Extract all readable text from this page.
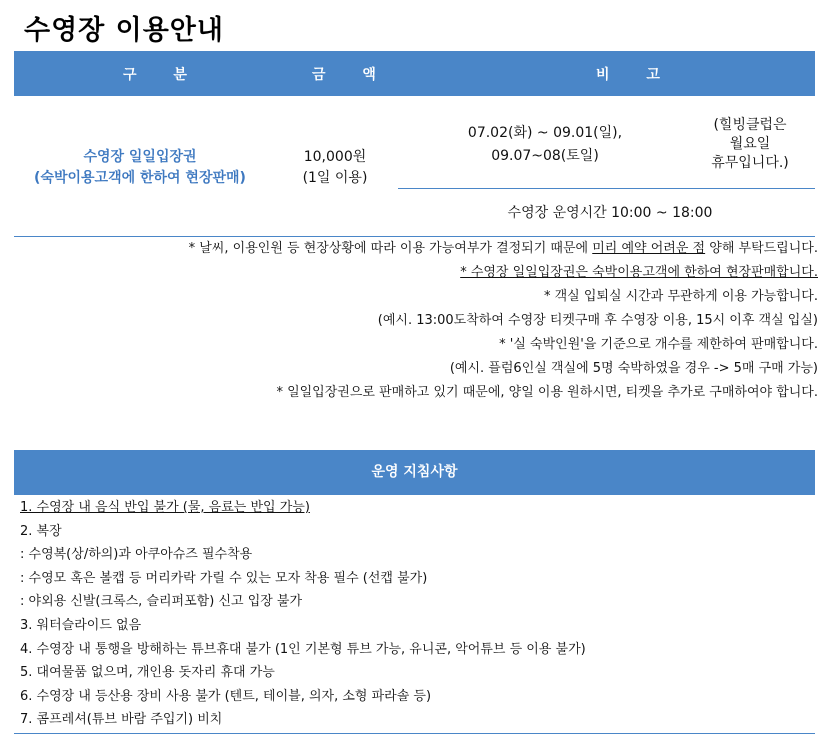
수영장 이용안내
구 분	금 액	비 고
수영장 일일입장권
(숙박이용고객에 한하여 현장판매)
10,000원
(1일 이용)
07.02(화) ~ 09.01(일),
09.07~08(토일)
(힐빙클럽은
월요일
휴무입니다.)
수영장 운영시간 10:00 ~ 18:00
* 날씨, 이용인원 등 현장상황에 따라 이용 가능여부가 결정되기 때문에 미리 예약 어려운 점 양해 부탁드립니다.
* 수영장 일일입장권은 숙박이용고객에 한하여 현장판매합니다.
* 객실 입퇴실 시간과 무관하게 이용 가능합니다.
(예시. 13:00도착하여 수영장 티켓구매 후 수영장 이용, 15시 이후 객실 입실)
* '실 숙박인원'을 기준으로 개수를 제한하여 판매합니다.
(예시. 플럼6인실 객실에 5명 숙박하였을 경우 -> 5매 구매 가능)
* 일일입장권으로 판매하고 있기 때문에, 양일 이용 원하시면, 티켓을 추가로 구매하여야 합니다.
운영 지침사항
1. 수영장 내 음식 반입 불가 (물, 음료는 반입 가능)
2. 복장
: 수영복(상/하의)과 아쿠아슈즈 필수착용
: 수영모 혹은 볼캡 등 머리카락 가릴 수 있는 모자 착용 필수 (선캡 불가)
: 야외용 신발(크록스, 슬리퍼포함) 신고 입장 불가
3. 워터슬라이드 없음
4. 수영장 내 통행을 방해하는 튜브휴대 불가 (1인 기본형 튜브 가능, 유니콘, 악어튜브 등 이용 불가)
5. 대여물품 없으며, 개인용 돗자리 휴대 가능
6. 수영장 내 등산용 장비 사용 불가 (텐트, 테이블, 의자, 소형 파라솔 등)
7. 콤프레셔(튜브 바람 주입기) 비치
